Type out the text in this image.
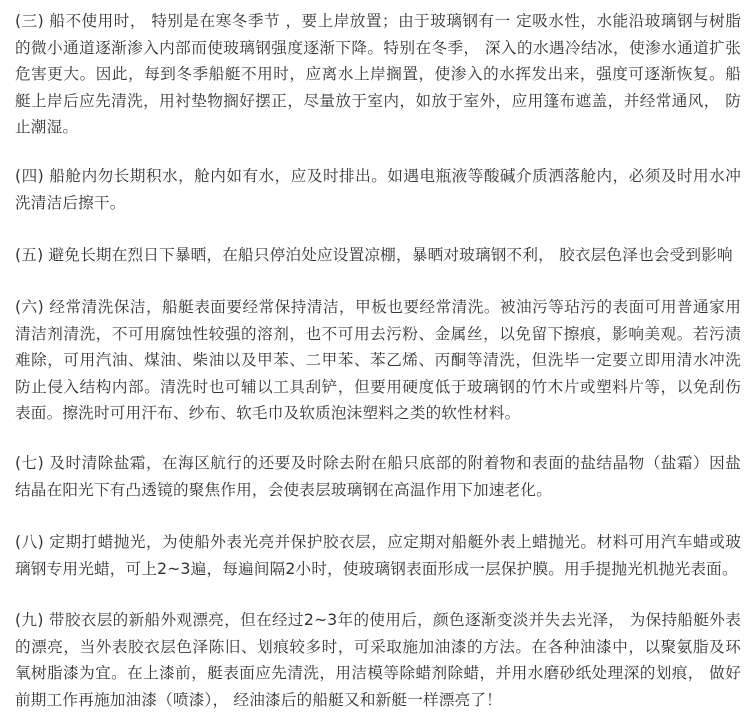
(三) 船不使用时， 特别是在寒冬季节 ，要上岸放置；由于玻璃钢有一 定吸水性，水能沿玻璃钢与树脂的微小通道逐渐渗入内部而使玻璃钢强度逐渐下降。特别在冬季， 深入的水遇冷结冰，使渗水通道扩张危害更大。因此，每到冬季船艇不用时，应离水上岸搁置，使渗入的水挥发出来，强度可逐渐恢复。船艇上岸后应先清洗，用衬垫物搁好摆正，尽量放于室内，如放于室外，应用篷布遮盖，并经常通风， 防止潮湿。

(四) 船舱内勿长期积水，舱内如有水，应及时排出。如遇电瓶液等酸碱介质洒落舱内，必须及时用水冲洗清洁后擦干。

(五) 避免长期在烈日下暴晒，在船只停泊处应设置凉棚，暴晒对玻璃钢不利， 胶衣层色泽也会受到影响

(六) 经常清洗保洁，船艇表面要经常保持清洁，甲板也要经常清洗。被油污等玷污的表面可用普通家用清洁剂清洗，不可用腐蚀性较强的溶剂，也不可用去污粉、金属丝，以免留下擦痕，影响美观。若污渍难除，可用汽油、煤油、柴油以及甲苯、二甲苯、苯乙烯、丙酮等清洗，但洗毕一定要立即用清水冲洗防止侵入结构内部。清洗时也可辅以工具刮铲，但要用硬度低于玻璃钢的竹木片或塑料片等，以免刮伤表面。擦洗时可用汗布、纱布、软毛巾及软质泡沫塑料之类的软性材料。

(七) 及时清除盐霜，在海区航行的还要及时除去附在船只底部的附着物和表面的盐结晶物（盐霜）因盐结晶在阳光下有凸透镜的聚焦作用，会使表层玻璃钢在高温作用下加速老化。

(八) 定期打蜡抛光，为使船外表光亮并保护胶衣层，应定期对船艇外表上蜡抛光。材料可用汽车蜡或玻璃钢专用光蜡，可上2~3遍，每遍间隔2小时，使玻璃钢表面形成一层保护膜。用手提抛光机抛光表面。

(九) 带胶衣层的新船外观漂亮，但在经过2~3年的使用后，颜色逐渐变淡并失去光泽， 为保持船艇外表的漂亮，当外表胶衣层色泽陈旧、划痕较多时，可采取施加油漆的方法。在各种油漆中，以聚氨脂及环氧树脂漆为宜。在上漆前，艇表面应先清洗，用洁模等除蜡剂除蜡，并用水磨砂纸处理深的划痕， 做好前期工作再施加油漆（喷漆）， 经油漆后的船艇又和新艇一样漂亮了！
